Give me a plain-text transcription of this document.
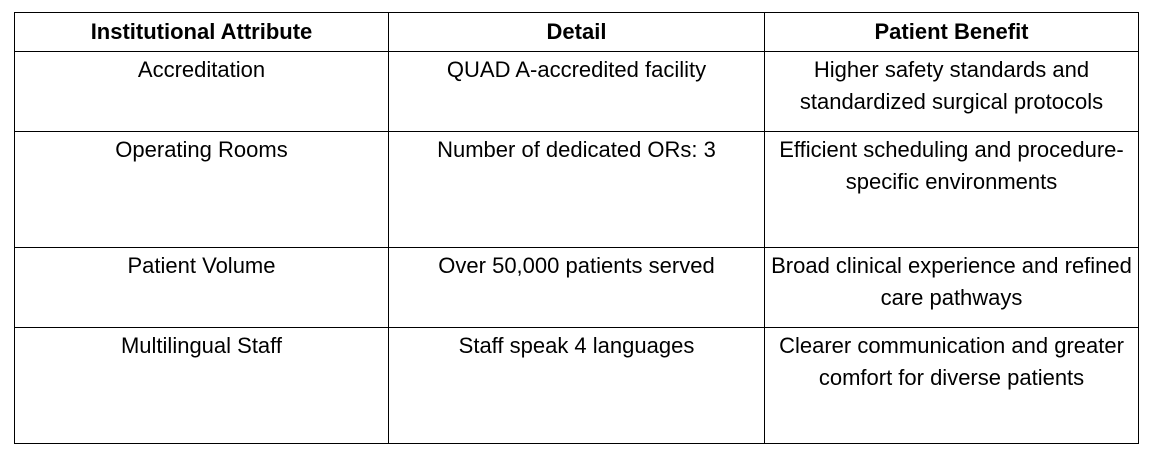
Institutional Attribute	Detail	Patient Benefit
Accreditation	QUAD A-accredited facility	Higher safety standards and standardized surgical protocols
Operating Rooms	Number of dedicated ORs: 3	Efficient scheduling and procedure-specific environments
Patient Volume	Over 50,000 patients served	Broad clinical experience and refined care pathways
Multilingual Staff	Staff speak 4 languages	Clearer communication and greater comfort for diverse patients
